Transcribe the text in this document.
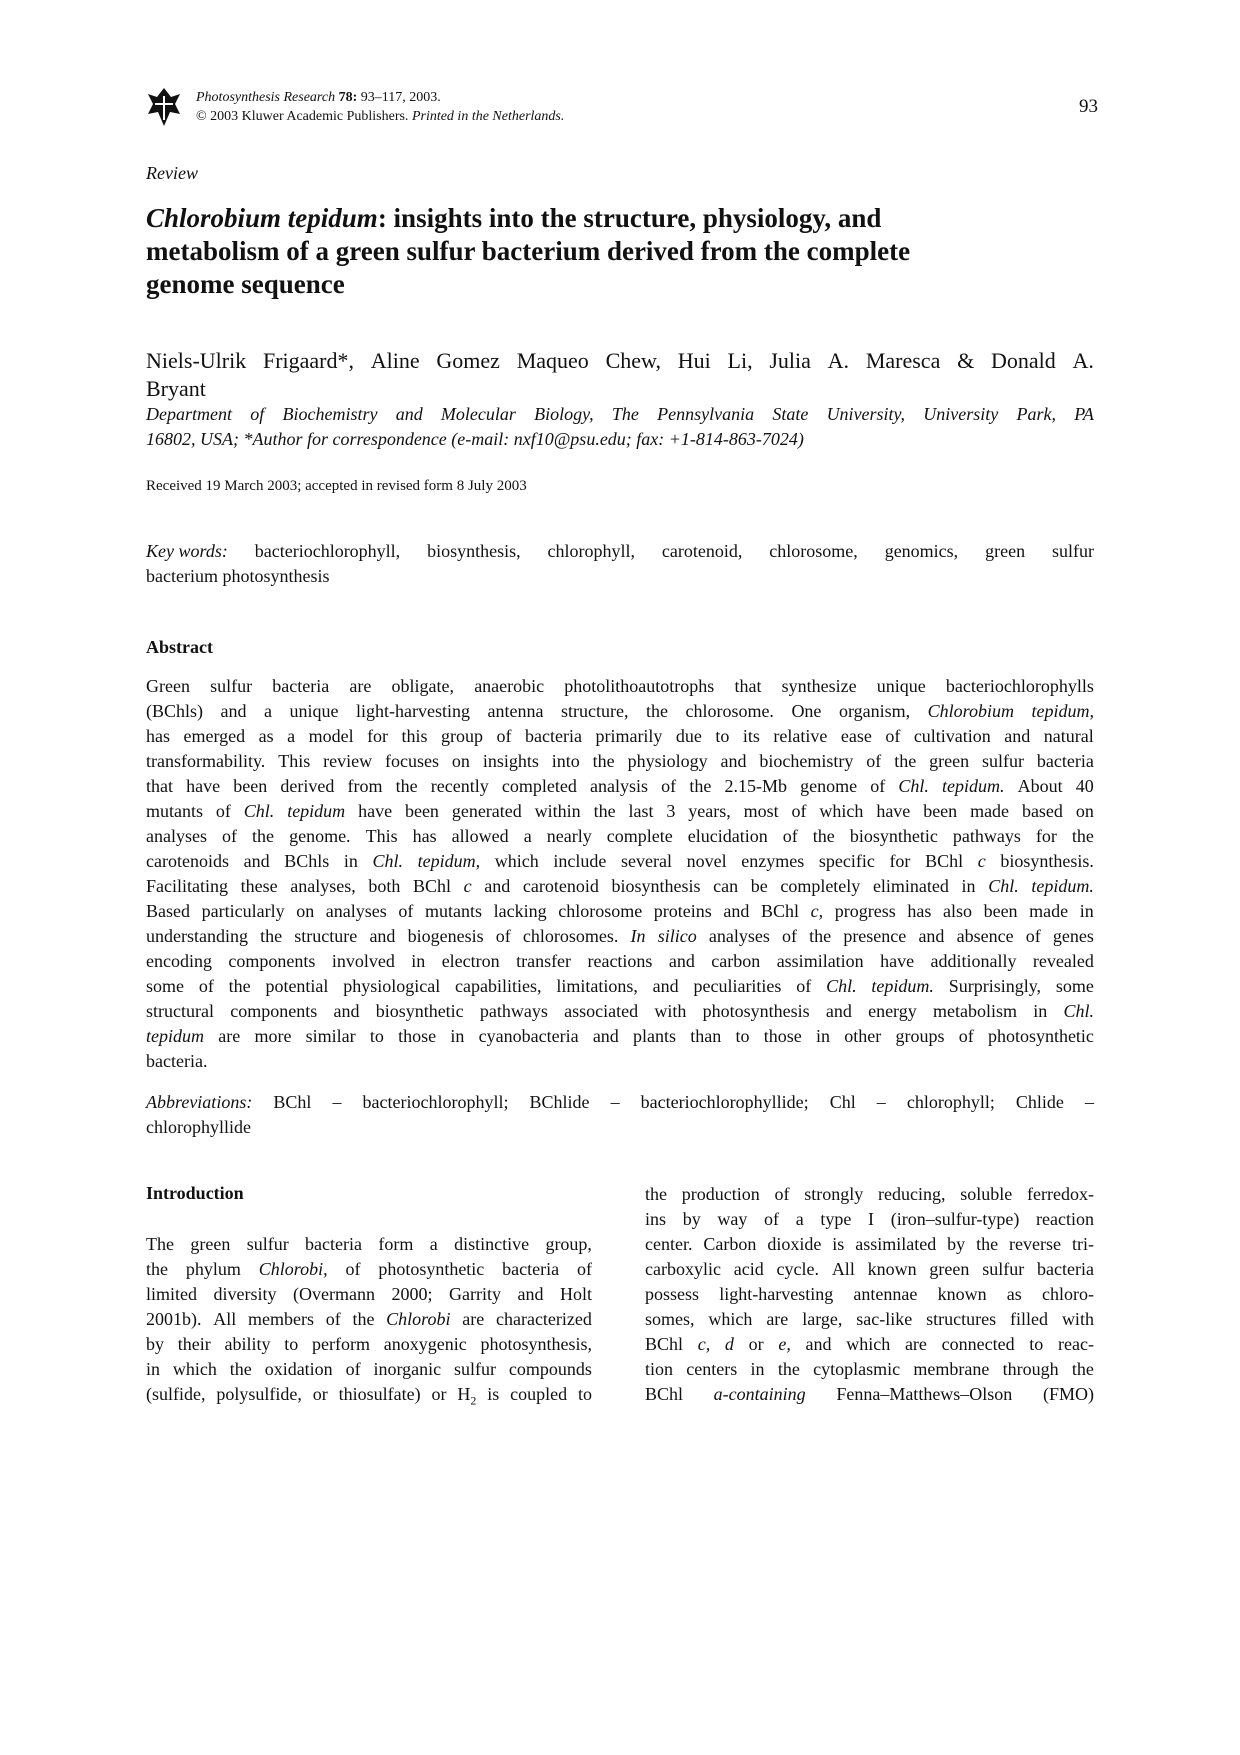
Photosynthesis Research 78: 93–117, 2003.
© 2003 Kluwer Academic Publishers. Printed in the Netherlands.	93
Review
Chlorobium tepidum: insights into the structure, physiology, and
metabolism of a green sulfur bacterium derived from the complete
genome sequence
Niels-Ulrik Frigaard*, Aline Gomez Maqueo Chew, Hui Li, Julia A. Maresca & Donald A.
Bryant
Department of Biochemistry and Molecular Biology, The Pennsylvania State University, University Park, PA
16802, USA; *Author for correspondence (e-mail: nxf10@psu.edu; fax: +1-814-863-7024)
Received 19 March 2003; accepted in revised form 8 July 2003
Key words: bacteriochlorophyll, biosynthesis, chlorophyll, carotenoid, chlorosome, genomics, green sulfur
bacterium photosynthesis
Abstract
Green sulfur bacteria are obligate, anaerobic photolithoautotrophs that synthesize unique bacteriochlorophylls
(BChls) and a unique light-harvesting antenna structure, the chlorosome. One organism, Chlorobium tepidum,
has emerged as a model for this group of bacteria primarily due to its relative ease of cultivation and natural
transformability. This review focuses on insights into the physiology and biochemistry of the green sulfur bacteria
that have been derived from the recently completed analysis of the 2.15-Mb genome of Chl. tepidum. About 40
mutants of Chl. tepidum have been generated within the last 3 years, most of which have been made based on
analyses of the genome. This has allowed a nearly complete elucidation of the biosynthetic pathways for the
carotenoids and BChls in Chl. tepidum, which include several novel enzymes specific for BChl c biosynthesis.
Facilitating these analyses, both BChl c and carotenoid biosynthesis can be completely eliminated in Chl. tepidum.
Based particularly on analyses of mutants lacking chlorosome proteins and BChl c, progress has also been made in
understanding the structure and biogenesis of chlorosomes. In silico analyses of the presence and absence of genes
encoding components involved in electron transfer reactions and carbon assimilation have additionally revealed
some of the potential physiological capabilities, limitations, and peculiarities of Chl. tepidum. Surprisingly, some
structural components and biosynthetic pathways associated with photosynthesis and energy metabolism in Chl.
tepidum are more similar to those in cyanobacteria and plants than to those in other groups of photosynthetic
bacteria.
Abbreviations: BChl – bacteriochlorophyll; BChlide – bacteriochlorophyllide; Chl – chlorophyll; Chlide –
chlorophyllide
Introduction
The green sulfur bacteria form a distinctive group,
the phylum Chlorobi, of photosynthetic bacteria of
limited diversity (Overmann 2000; Garrity and Holt
2001b). All members of the Chlorobi are characterized
by their ability to perform anoxygenic photosynthesis,
in which the oxidation of inorganic sulfur compounds
(sulfide, polysulfide, or thiosulfate) or $H_2$ is coupled to
the production of strongly reducing, soluble ferredox-
ins by way of a type I (iron–sulfur-type) reaction
center. Carbon dioxide is assimilated by the reverse tri-
carboxylic acid cycle. All known green sulfur bacteria
possess light-harvesting antennae known as chloro-
somes, which are large, sac-like structures filled with
BChl c, d or e, and which are connected to reac-
tion centers in the cytoplasmic membrane through the
BChl a-containing Fenna–Matthews–Olson (FMO)
